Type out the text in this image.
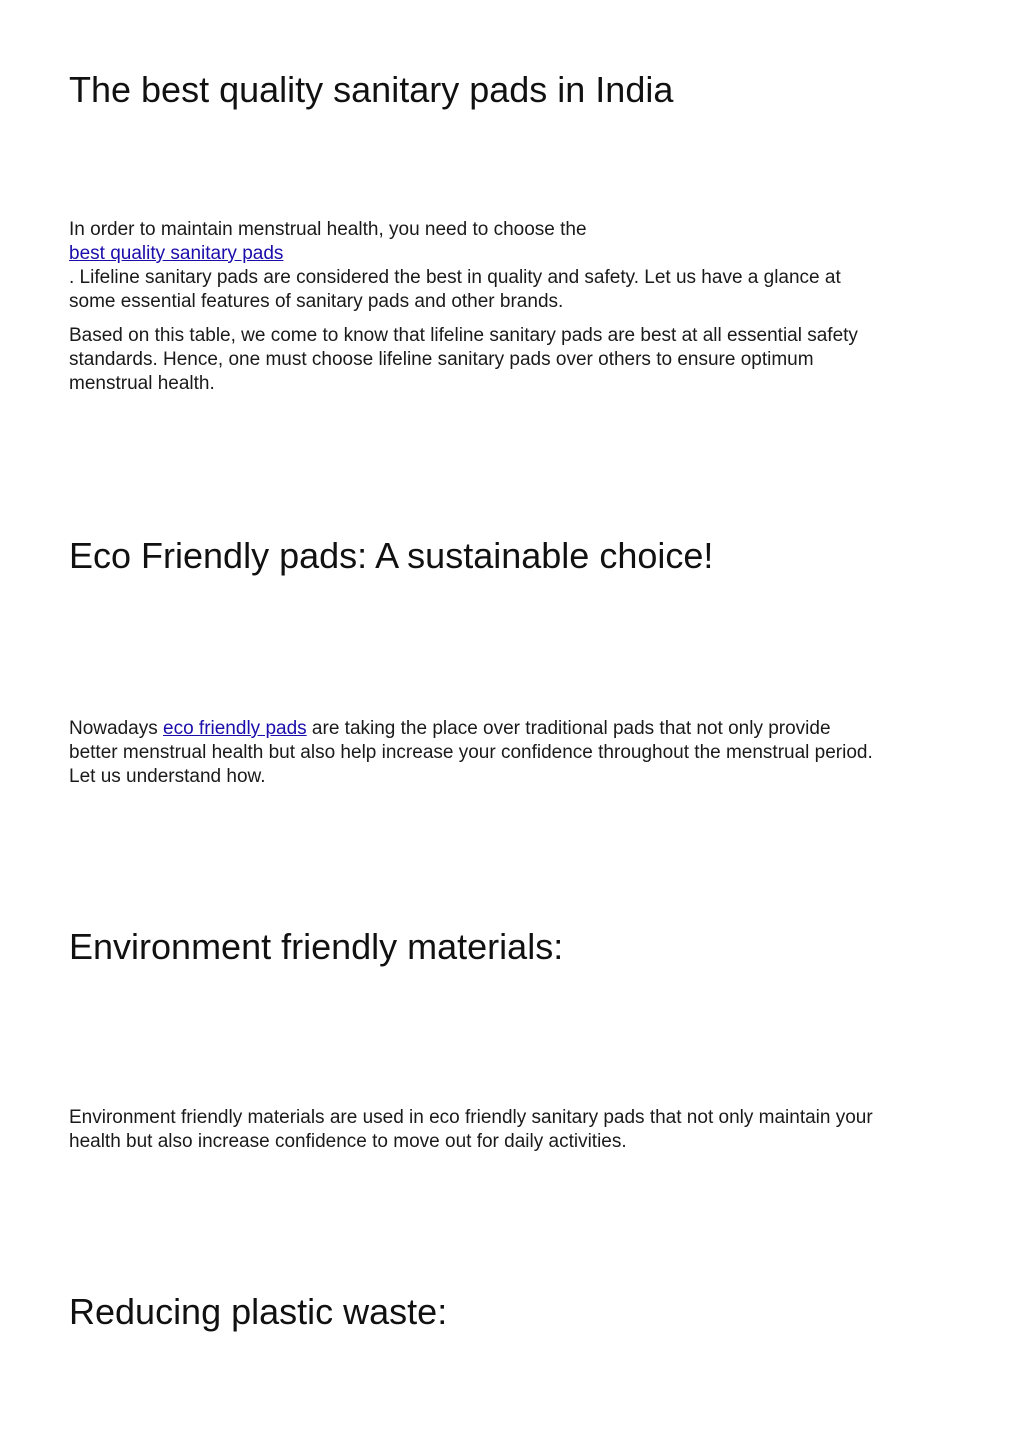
The best quality sanitary pads in India

In order to maintain menstrual health, you need to choose the
best quality sanitary pads
. Lifeline sanitary pads are considered the best in quality and safety. Let us have a glance at
some essential features of sanitary pads and other brands.

Based on this table, we come to know that lifeline sanitary pads are best at all essential safety
standards. Hence, one must choose lifeline sanitary pads over others to ensure optimum
menstrual health.

Eco Friendly pads: A sustainable choice!

Nowadays eco friendly pads are taking the place over traditional pads that not only provide
better menstrual health but also help increase your confidence throughout the menstrual period.
Let us understand how.

Environment friendly materials:

Environment friendly materials are used in eco friendly sanitary pads that not only maintain your
health but also increase confidence to move out for daily activities.

Reducing plastic waste:
